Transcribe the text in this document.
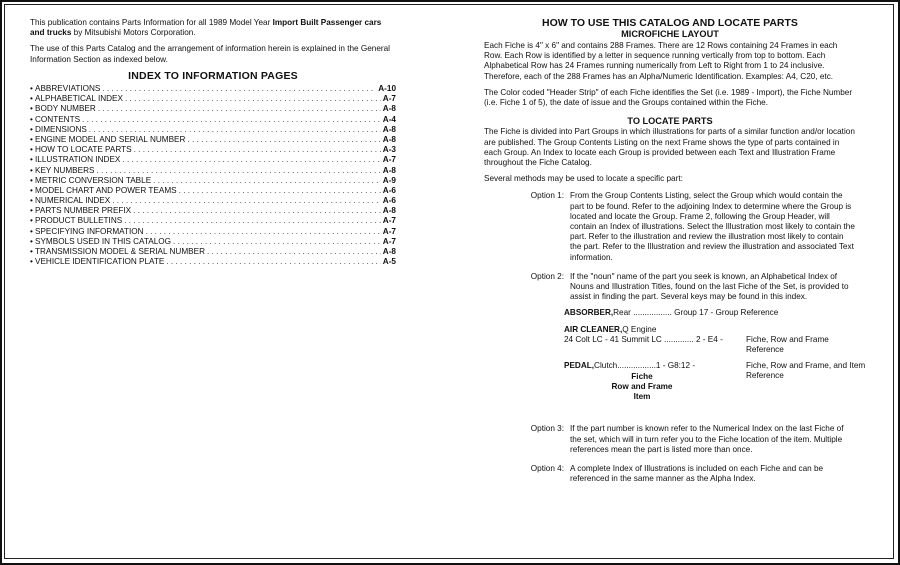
This publication contains Parts Information for all 1989 Model Year Import Built Passenger cars and trucks by Mitsubishi Motors Corporation.

The use of this Parts Catalog and the arrangement of information herein is explained in the General Information Section as indexed below.

INDEX TO INFORMATION PAGES
• ABBREVIATIONS . . .	A-10
• ALPHABETICAL INDEX . . .	A-7
• BODY NUMBER . . .	A-8
• CONTENTS . . .	A-4
• DIMENSIONS . . .	A-8
• ENGINE MODEL AND SERIAL NUMBER . . .	A-8
• HOW TO LOCATE PARTS . . .	A-3
• ILLUSTRATION INDEX . . .	A-7
• KEY NUMBERS . . .	A-8
• METRIC CONVERSION TABLE . . .	A-9
• MODEL CHART AND POWER TEAMS . . .	A-6
• NUMERICAL INDEX . . .	A-6
• PARTS NUMBER PREFIX . . .	A-8
• PRODUCT BULLETINS . . .	A-7
• SPECIFYING INFORMATION . . .	A-7
• SYMBOLS USED IN THIS CATALOG . . .	A-7
• TRANSMISSION MODEL & SERIAL NUMBER . . .	A-8
• VEHICLE IDENTIFICATION PLATE . . .	A-5
HOW TO USE THIS CATALOG AND LOCATE PARTS
MICROFICHE LAYOUT

Each Fiche is 4" x 6" and contains 288 Frames. There are 12 Rows containing 24 Frames in each Row. Each Row is identified by a letter in sequence running vertically from top to bottom. Each Alphabetical Row has 24 Frames running numerically from Left to Right from 1 to 24 inclusive. Therefore, each of the 288 Frames has an Alpha/Numeric Identification. Examples: A4, C20, etc.

The Color coded "Header Strip" of each Fiche identifies the Set (i.e. 1989 - Import), the Fiche Number (i.e. Fiche 1 of 5), the date of issue and the Groups contained within the Fiche.

TO LOCATE PARTS

The Fiche is divided into Part Groups in which illustrations for parts of a similar function and/or location are published. The Group Contents Listing on the next Frame shows the type of parts contained in each Group. An Index to locate each Group is provided between each Text and Illustration Frame throughout the Fiche Catalog.

Several methods may be used to locate a specific part:

Option 1: From the Group Contents Listing, select the Group which would contain the part to be found. Refer to the adjoining Index to determine where the Group is located and locate the Group. Frame 2, following the Group Header, will contain an Index of illustrations. Select the Illustration most likely to contain the part. Refer to the illustration and review the illustration most likely to contain the part. Refer to the Illustration and review the illustration and associated Text information.
Option 2: If the "noun" name of the part you seek is known, an Alphabetical Index of Nouns and Illustration Titles, found on the last Fiche of the Set, is provided to assist in finding the part. Several keys may be found in this index.
ABSORBER, Rear ................. Group 17 - Group Reference
AIR CLEANER, Q Engine
24 Colt LC - 41 Summit LC ............. 2 - E4 -	Fiche, Row and Frame Reference
PEDAL, Clutch.................1 - G8:12 -	Fiche, Row and Frame, and Item Reference
Fiche
Row and Frame
Item
Option 3: If the part number is known refer to the Numerical Index on the last Fiche of the set, which will in turn refer you to the Fiche location of the item. Multiple references mean the part is listed more than once.
Option 4: A complete Index of Illustrations is included on each Fiche and can be referenced in the same manner as the Alpha Index.
